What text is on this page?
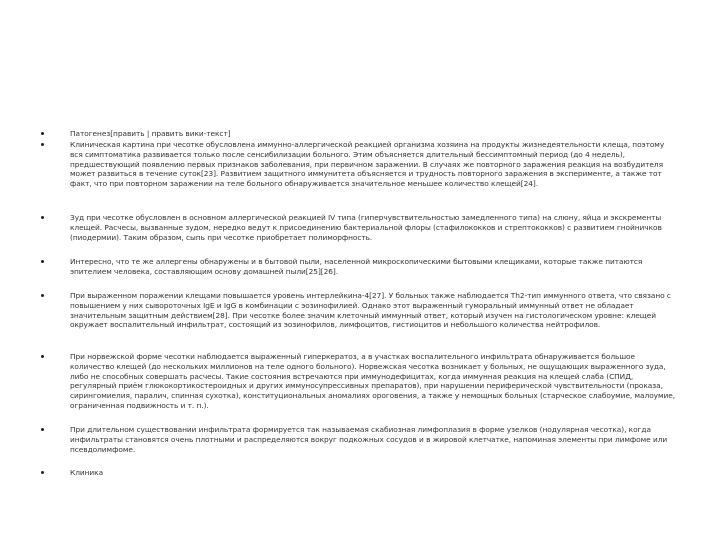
Патогенез[править | править вики-текст]
Клиническая картина при чесотке обусловлена иммунно-аллергической реакцией организма хозяина на продукты жизнедеятельности клеща, поэтому вся симптоматика развивается только после сенсибилизации больного. Этим объясняется длительный бессимптомный период (до 4 недель), предшествующий появлению первых признаков заболевания, при первичном заражении. В случаях же повторного заражения реакция на возбудителя может развиться в течение суток[23]. Развитием защитного иммунитета объясняется и трудность повторного заражения в эксперименте, а также тот факт, что при повторном заражении на теле больного обнаруживается значительное меньшее количество клещей[24].
Зуд при чесотке обусловлен в основном аллергической реакцией IV типа (гиперчувствительностью замедленного типа) на слюну, яйца и экскременты клещей. Расчесы, вызванные зудом, нередко ведут к присоединению бактериальной флоры (стафилококков и стрептококков) с развитием гнойничков (пиодермии). Таким образом, сыпь при чесотке приобретает полиморфность.
Интересно, что те же аллергены обнаружены и в бытовой пыли, населенной микроскопическими бытовыми клещиками, которые также питаются эпителием человека, составляющим основу домашней пыли[25][26].
При выраженном поражении клещами повышается уровень интерлейкина-4[27]. У больных также наблюдается Th2-тип иммунного ответа, что связано с повышением у них сывороточных IgE и IgG в комбинации с эозинофилией. Однако этот выраженный гуморальный иммунный ответ не обладает значительным защитным действием[28]. При чесотке более значим клеточный иммунный ответ, который изучен на гистологическом уровне: клещей окружает воспалительный инфильтрат, состоящий из эозинофилов, лимфоцитов, гистиоцитов и небольшого количества нейтрофилов.
При норвежской форме чесотки наблюдается выраженный гиперкератоз, а в участках воспалительного инфильтрата обнаруживается большое количество клещей (до нескольких миллионов на теле одного больного). Норвежская чесотка возникает у больных, не ощущающих выраженного зуда, либо не способных совершать расчесы. Такие состояния встречаются при иммунодефицитах, когда иммунная реакция на клещей слаба (СПИД, регулярный приём глюкокортикостероидных и других иммуносупрессивных препаратов), при нарушении периферической чувствительности (проказа, сирингомиелия, паралич, спинная сухотка), конституциональных аномалиях ороговения, а также у немощных больных (старческое слабоумие, малоумие, ограниченная подвижность и т. п.).
При длительном существовании инфильтрата формируется так называемая скабиозная лимфоплазия в форме узелков (нодулярная чесотка), когда инфильтраты становятся очень плотными и распределяются вокруг подкожных сосудов и в жировой клетчатке, напоминая элементы при лимфоме или псевдолимфоме.
Клиника
